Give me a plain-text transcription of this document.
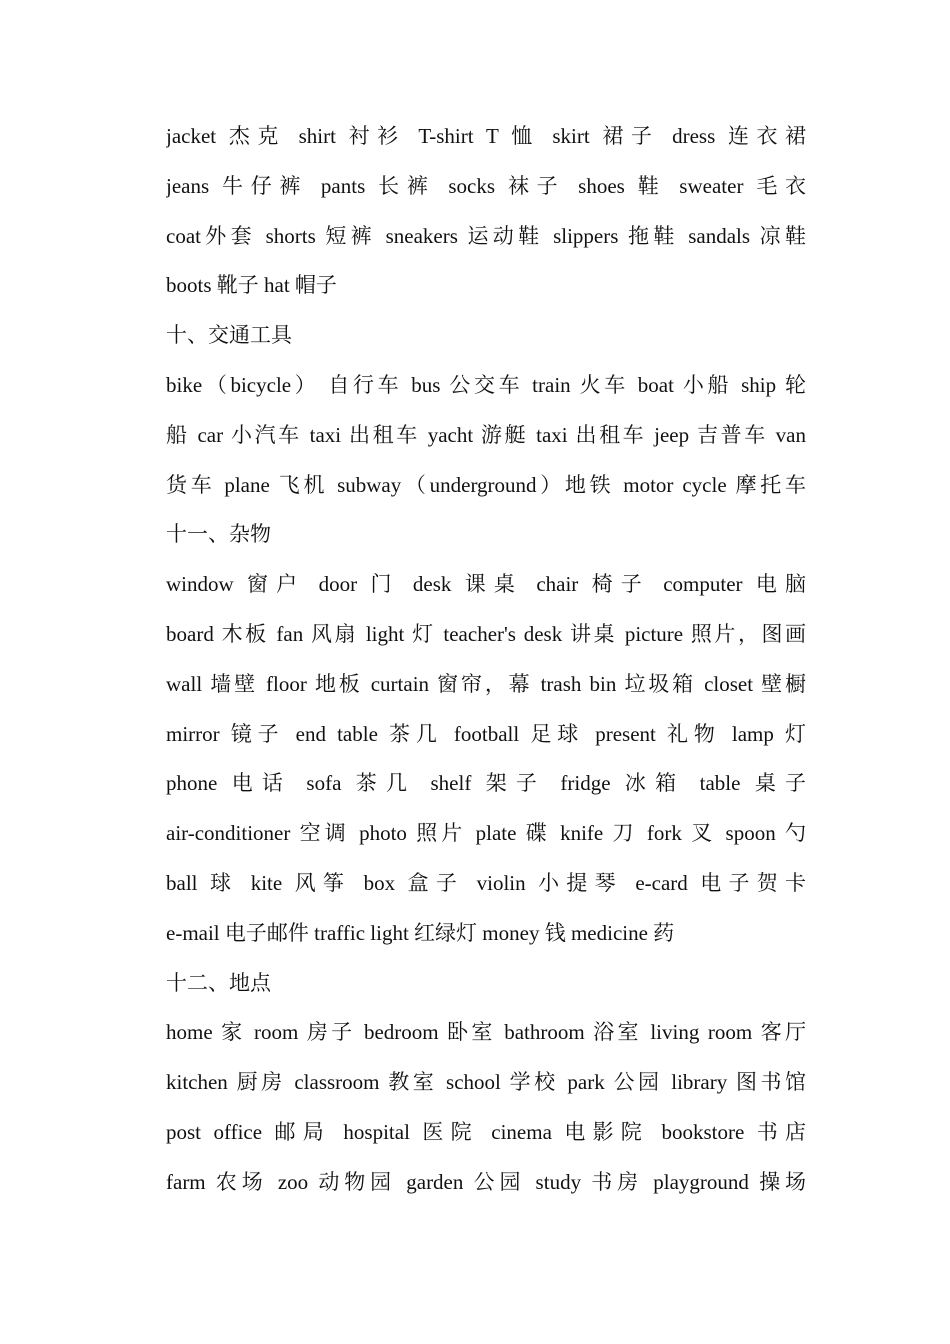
jacket 杰克 shirt 衬衫 T-shirt T 恤 skirt 裙子 dress 连衣裙
jeans 牛仔裤 pants 长裤 socks 袜子 shoes 鞋 sweater 毛衣
coat外套 shorts 短裤 sneakers 运动鞋 slippers 拖鞋 sandals 凉鞋
boots 靴子 hat 帽子
十、交通工具
bike（bicycle） 自行车 bus 公交车 train 火车 boat 小船 ship 轮
船 car 小汽车 taxi 出租车 yacht 游艇 taxi 出租车 jeep 吉普车 van
货车 plane 飞机 subway（underground）地铁 motor cycle 摩托车
十一、杂物
window 窗户 door 门 desk 课桌 chair 椅子 computer 电脑
board 木板 fan 风扇 light 灯 teacher's desk 讲桌 picture 照片，图画
wall 墙壁 floor 地板 curtain 窗帘，幕 trash bin 垃圾箱 closet 壁橱
mirror 镜子 end table 茶几 football 足球 present 礼物 lamp 灯
phone 电话 sofa 茶几 shelf 架子 fridge 冰箱 table 桌子
air-conditioner 空调 photo 照片 plate 碟 knife 刀 fork 叉 spoon 勺
ball 球 kite 风筝 box 盒子 violin 小提琴 e-card 电子贺卡
e-mail 电子邮件 traffic light 红绿灯 money 钱 medicine 药
十二、地点
home 家 room 房子 bedroom 卧室 bathroom 浴室 living room 客厅
kitchen 厨房 classroom 教室 school 学校 park 公园 library 图书馆
post office 邮局 hospital 医院 cinema 电影院 bookstore 书店
farm 农场 zoo 动物园 garden 公园 study 书房 playground 操场
